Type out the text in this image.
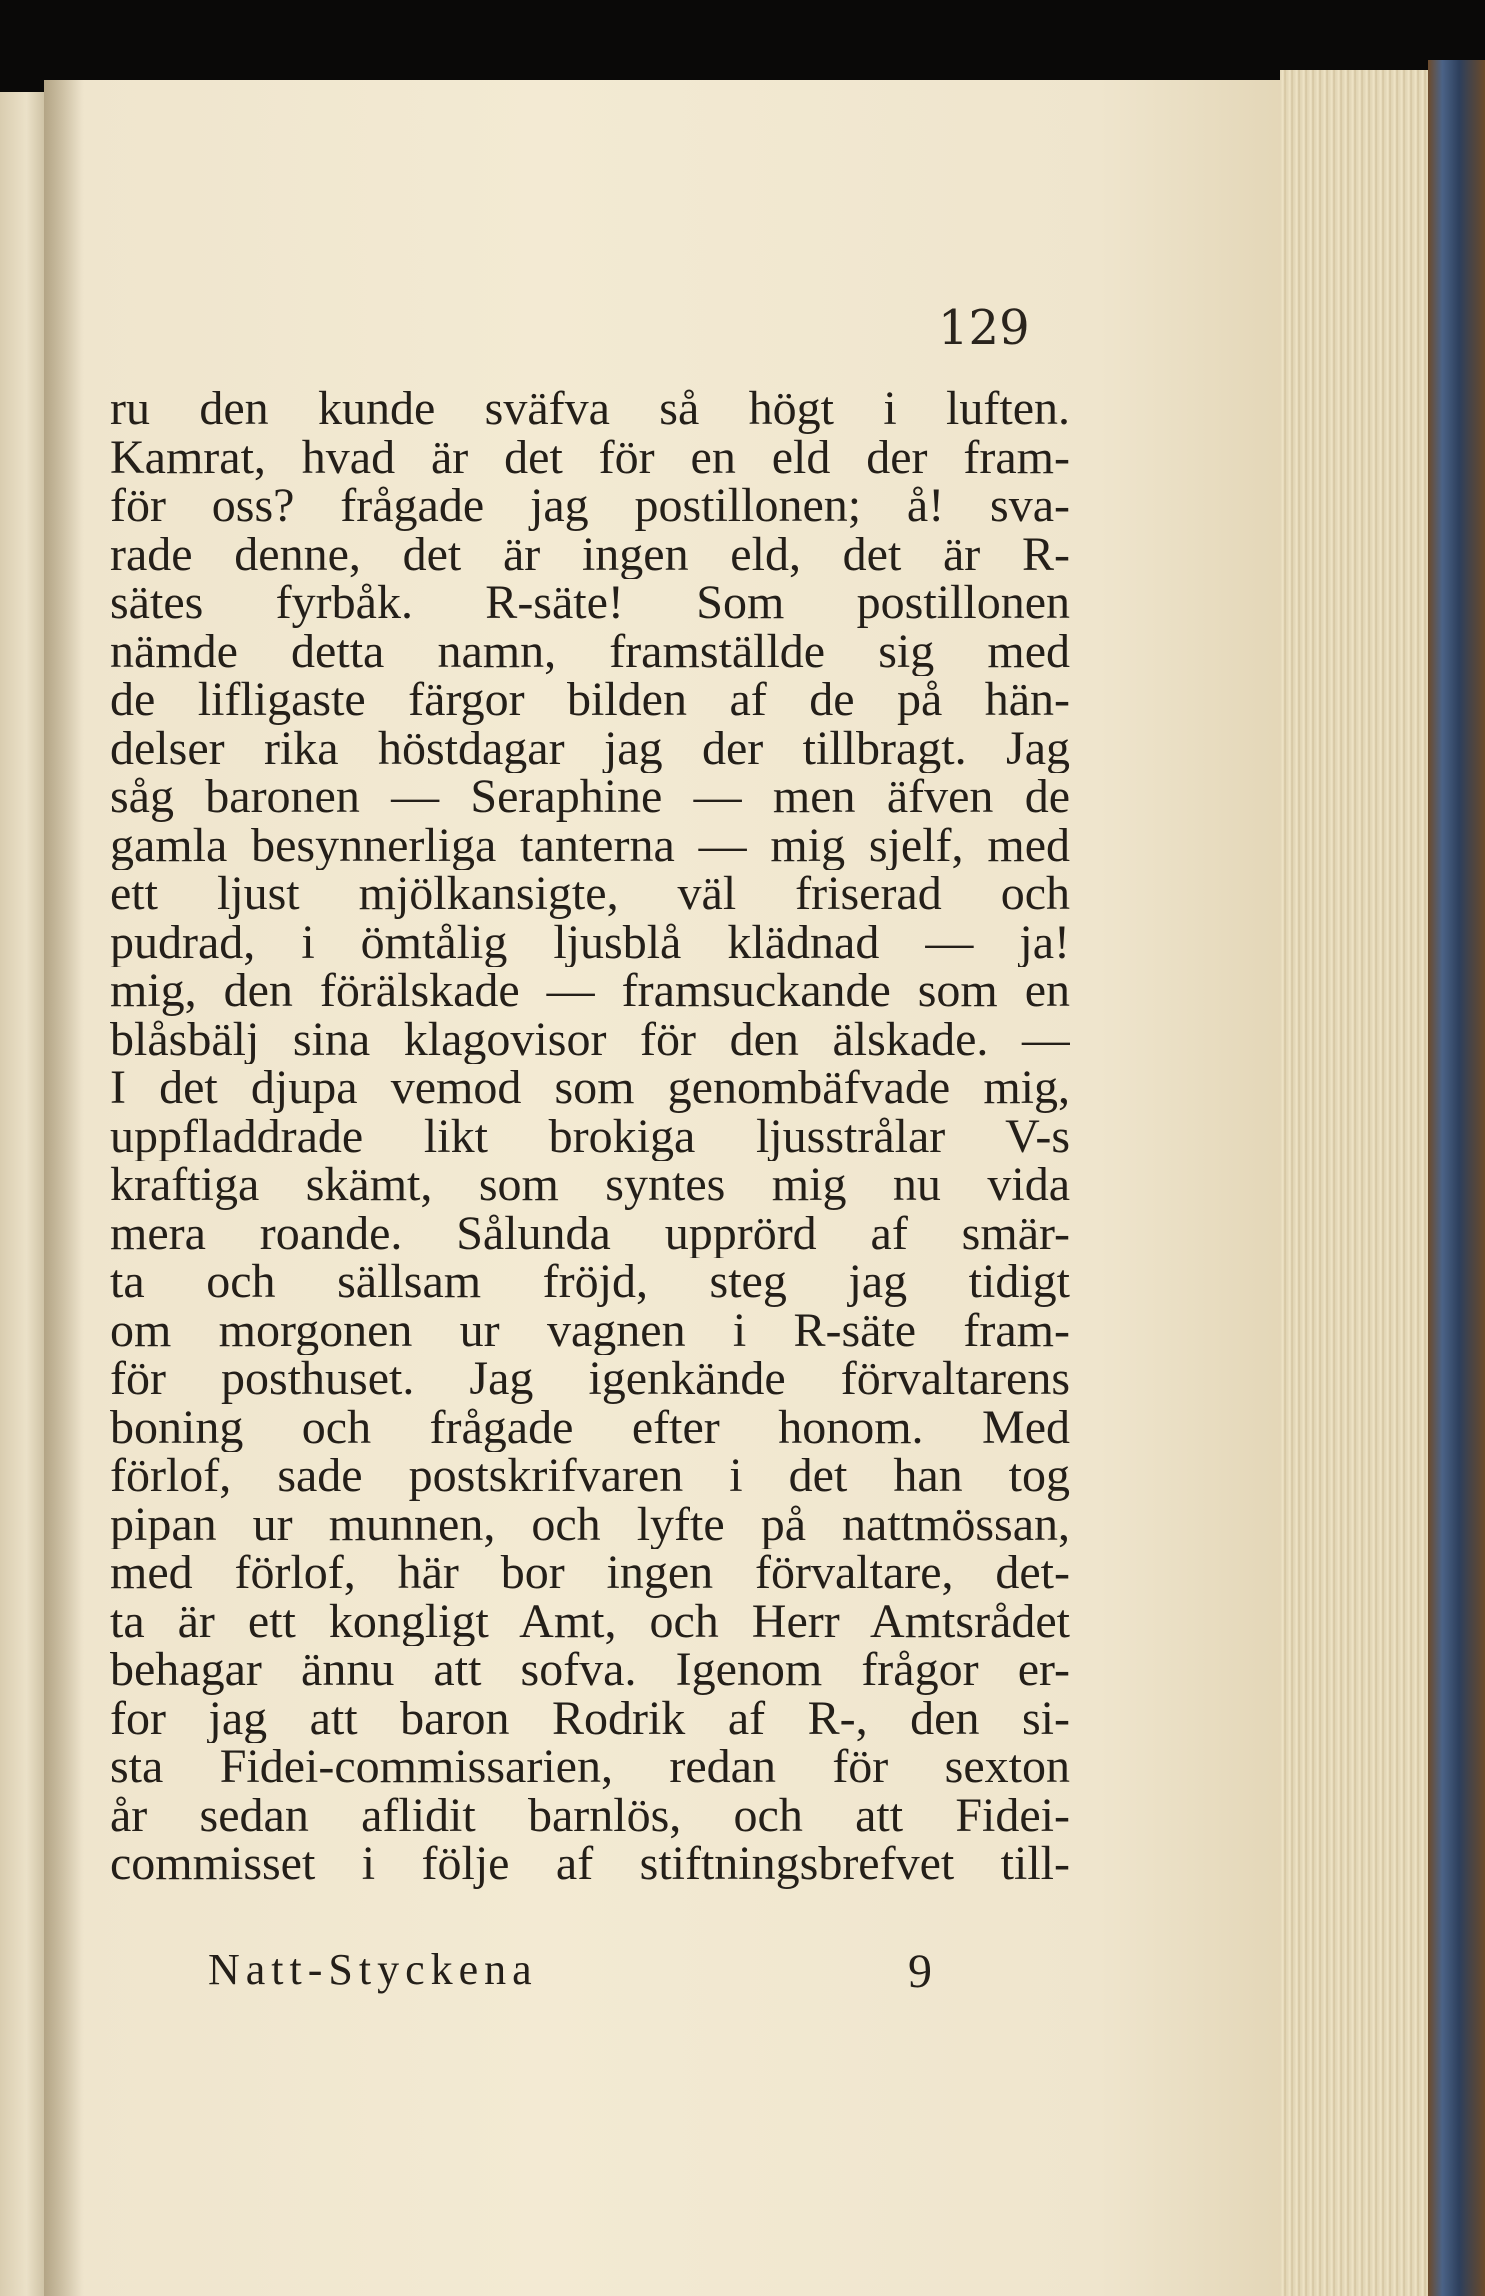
129

ru den kunde sväfva så högt i luften.
Kamrat, hvad är det för en eld der fram-
för oss? frågade jag postillonen; å! sva-
rade denne, det är ingen eld, det är R-
sätes fyrbåk. R-säte! Som postillonen
nämde detta namn, framställde sig med
de lifligaste färgor bilden af de på hän-
delser rika höstdagar jag der tillbragt. Jag
såg baronen — Seraphine — men äfven de
gamla besynnerliga tanterna — mig sjelf, med
ett ljust mjölkansigte, väl friserad och
pudrad, i ömtålig ljusblå klädnad — ja!
mig, den förälskade — framsuckande som en
blåsbälj sina klagovisor för den älskade. —
I det djupa vemod som genombäfvade mig,
uppfladdrade likt brokiga ljusstrålar V-s
kraftiga skämt, som syntes mig nu vida
mera roande. Sålunda upprörd af smär-
ta och sällsam fröjd, steg jag tidigt
om morgonen ur vagnen i R-säte fram-
för posthuset. Jag igenkände förvaltarens
boning och frågade efter honom. Med
förlof, sade postskrifvaren i det han tog
pipan ur munnen, och lyfte på nattmössan,
med förlof, här bor ingen förvaltare, det-
ta är ett kongligt Amt, och Herr Amtsrådet
behagar ännu att sofva. Igenom frågor er-
for jag att baron Rodrik af R-, den si-
sta Fidei-commissarien, redan för sexton
år sedan aflidit barnlös, och att Fidei-
commisset i följe af stiftningsbrefvet till-

Natt-Styckena	9
